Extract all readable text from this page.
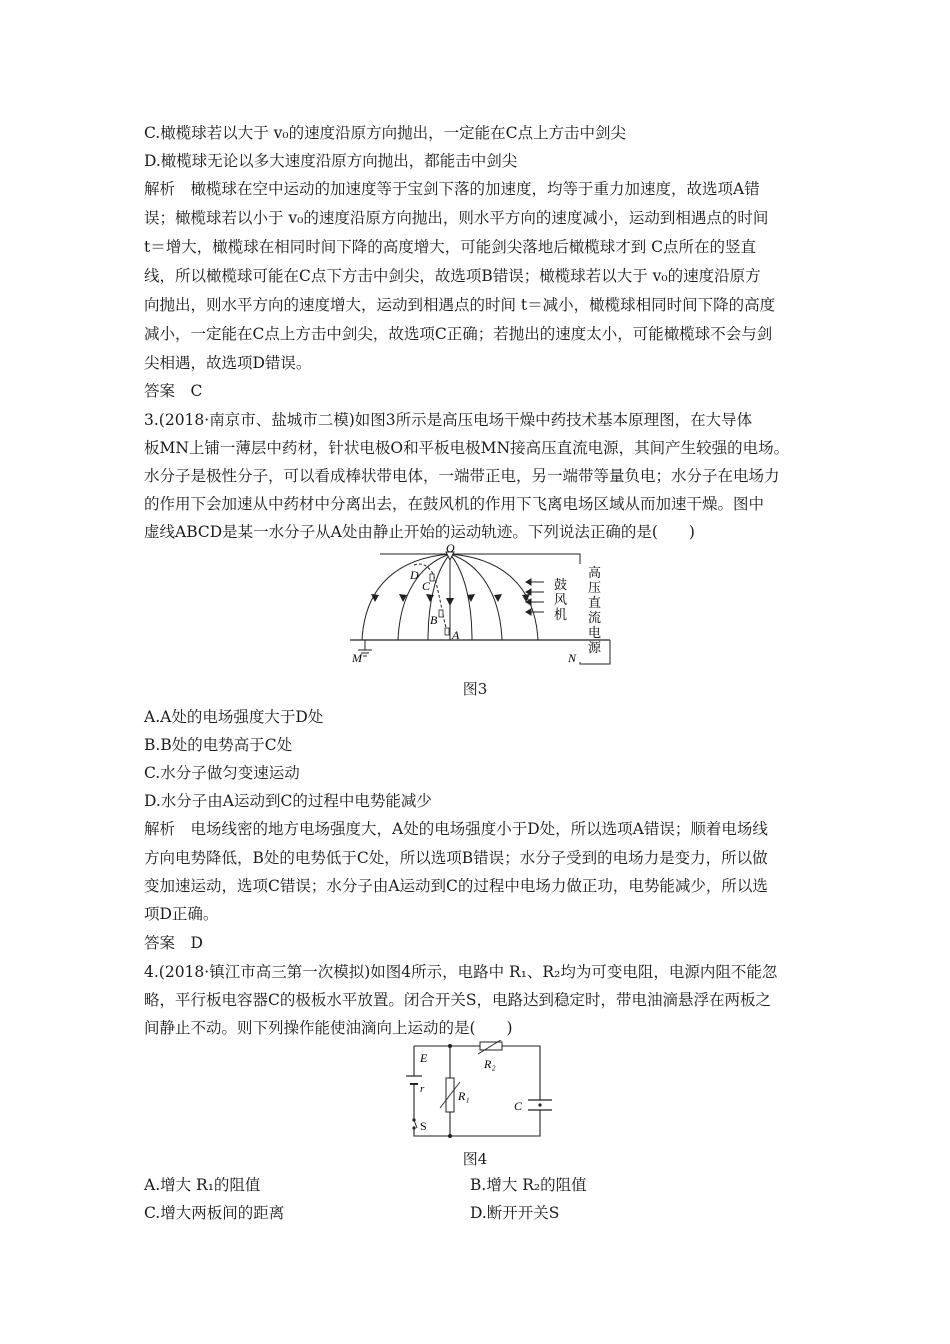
C.橄榄球若以大于 v₀的速度沿原方向抛出，一定能在C点上方击中剑尖
D.橄榄球无论以多大速度沿原方向抛出，都能击中剑尖
解析　橄榄球在空中运动的加速度等于宝剑下落的加速度，均等于重力加速度，故选项A错
误；橄榄球若以小于 v₀的速度沿原方向抛出，则水平方向的速度减小，运动到相遇点的时间
t＝增大，橄榄球在相同时间下降的高度增大，可能剑尖落地后橄榄球才到 C点所在的竖直
线，所以橄榄球可能在C点下方击中剑尖，故选项B错误；橄榄球若以大于 v₀的速度沿原方
向抛出，则水平方向的速度增大，运动到相遇点的时间 t＝减小，橄榄球相同时间下降的高度
减小，一定能在C点上方击中剑尖，故选项C正确；若抛出的速度太小，可能橄榄球不会与剑
尖相遇，故选项D错误。
答案　C
3.(2018·南京市、盐城市二模)如图3所示是高压电场干燥中药技术基本原理图，在大导体
板MN上铺一薄层中药材，针状电极O和平板电极MN接高压直流电源，其间产生较强的电场。
水分子是极性分子，可以看成棒状带电体，一端带正电，另一端带等量负电；水分子在电场力
的作用下会加速从中药材中分离出去，在鼓风机的作用下飞离电场区域从而加速干燥。图中
虚线ABCD是某一水分子从A处由静止开始的运动轨迹。下列说法正确的是(　　)
O
D
C
B
A
M	N
鼓
风
机
高
压
直
流
电
源
图3
A.A处的电场强度大于D处
B.B处的电势高于C处
C.水分子做匀变速运动
D.水分子由A运动到C的过程中电势能减少
解析　电场线密的地方电场强度大，A处的电场强度小于D处，所以选项A错误；顺着电场线
方向电势降低，B处的电势低于C处，所以选项B错误；水分子受到的电场力是变力，所以做
变加速运动，选项C错误；水分子由A运动到C的过程中电场力做正功，电势能减少，所以选
项D正确。
答案　D
4.(2018·镇江市高三第一次模拟)如图4所示，电路中 R₁、R₂均为可变电阻，电源内阻不能忽
略，平行板电容器C的极板水平放置。闭合开关S，电路达到稳定时，带电油滴悬浮在两板之
间静止不动。则下列操作能使油滴向上运动的是(　　)
E
r
S
R₁
R₂
C
图4
A.增大 R₁的阻值	B.增大 R₂的阻值
C.增大两板间的距离	D.断开开关S
